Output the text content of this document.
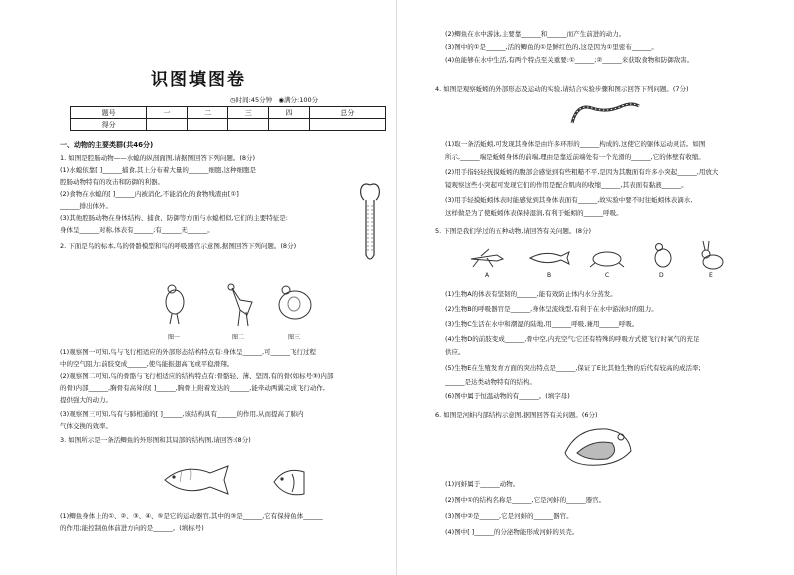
识图填图卷
◷时间:45分钟 ◉满分:100分
题号	一	二	三	四	总分
得分					
一、动物的主要类群(共46分)
1. 如图是腔肠动物——水螅的纵剖面图,请据图回答下列问题。(8分)
(1)水螅依靠[ ]______捕食,其上分布着大量的______细胞,这种细胞是
腔肠动物特有的攻击和防御的利器。
(2)食物在水螅的[ ]______内被消化,不能消化的食物残渣由[①]
______排出体外。
(3)其他腔肠动物在身体结构、捕食、防御等方面与水螅相似,它们的主要特征是:
身体呈______对称,体表有______;有______无______。
2. 下面是鸟的标本,鸟的骨骼模型和鸟的呼吸器官示意图,据图回答下列问题。(8分)
图一	图二	图三
(1)观察图一可知,鸟与飞行相适应的外部形态结构特点有:身体呈______,可______飞行过程
中的空气阻力;前肢变成______,使鸟能振翅高飞或平稳滑翔。
(2)观察图二可知,鸟的骨骼与飞行相适应的结构特点有:骨骼轻、薄、坚固,有的骨(如标号③)内部
的骨)内部______,胸骨有高耸的[ ]______,胸骨上附着发达的______,能牵动两翼完成飞行动作,
提供强大的动力。
(3)观察图三可知,鸟有与肺相通的[ ]______,该结构具有______的作用,从而提高了肺内
气体交换的效率。
3. 如图所示是一条活鲫鱼的外形图和其局部的结构图,请回答:(8分)
(1)鲫鱼身体上的①、②、③、④、⑤是它的运动器官,其中的③是______,它有保持鱼体______
的作用;能控制鱼体前进方向的是______。(填标号)
(2)鲫鱼在水中游泳,主要靠______和______而产生前进的动力。
(3)图中的①是______,活的鲫鱼的①是鲜红色的,这是因为①里密布______。
(4)鱼能够在水中生活,有两个特点至关重要:①______;②______来获取食物和防御敌害。
4. 如图是观察蚯蚓的外部形态及运动的实验,请结合实验步骤和图示回答下列问题。(7分)
(1)取一条活蚯蚓,可发现其身体是由许多环形的______构成的,这使它的躯体运动灵活。如图
所示,______端是蚯蚓身体的前端,理由是靠近前端处有一个光滑的______,它的体壁有收缩。
(2)用手指轻轻抚摸蚯蚓的腹部会感觉到有些粗糙不平,是因为其腹面有许多小突起______,用放大
镜观察这些小突起可发现它们的作用是配合肌肉的收缩______,其表面有黏液______。
(3)用手轻摸蚯蚓体表时能感觉到其身体表面有______,故实验中要不时往蚯蚓体表滴水,
这样做是为了使蚯蚓体表保持湿润,有利于蚯蚓的______呼吸。
5. 下图是我们学过的五种动物,请回答有关问题。(8分)
A	B	C	D	E
(1)生物A的体表有坚韧的______,能有效防止体内水分蒸发。
(2)生物B的呼吸器官是______,身体呈流线型,有利于在水中游泳时的阻力。
(3)生物C生活在水中和潮湿的陆地,用______呼吸,兼用______呼吸。
(4)生物D的前肢变成______,骨中空,内充空气;它还有特殊的呼吸方式使飞行时氧气的充足
供应。
(5)生物E在生殖发育方面的突出特点是______,保证了E比其他生物的后代有较高的成活率;
______是达类动物特有的结构。
(6)图中属于恒温动物的有______。(填字母)
6. 如图是河蚌内部结构示意图,据图回答有关问题。(6分)
(1)河蚌属于______动物。
(2)图中①的结构名称是______,它是河蚌的______器官。
(3)图中②是______,它是河蚌的______器官。
(4)图中[ ]______的分泌物能形成河蚌的贝壳。
